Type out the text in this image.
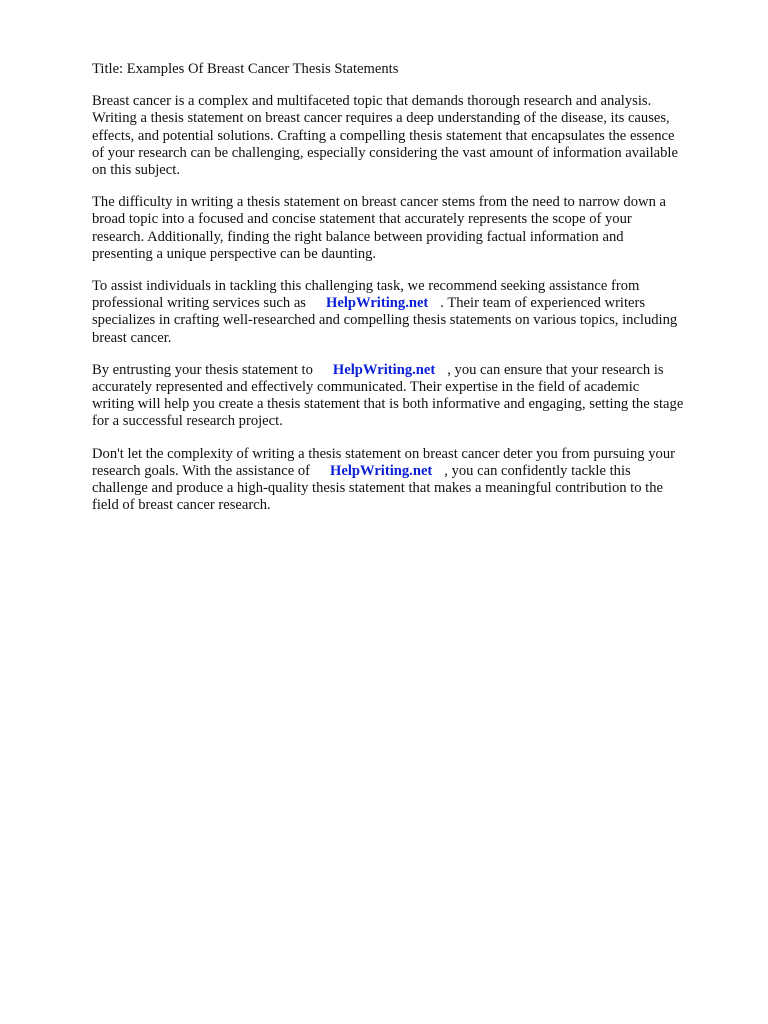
Title: Examples Of Breast Cancer Thesis Statements
Breast cancer is a complex and multifaceted topic that demands thorough research and analysis.
Writing a thesis statement on breast cancer requires a deep understanding of the disease, its causes,
effects, and potential solutions. Crafting a compelling thesis statement that encapsulates the essence
of your research can be challenging, especially considering the vast amount of information available
on this subject.
The difficulty in writing a thesis statement on breast cancer stems from the need to narrow down a
broad topic into a focused and concise statement that accurately represents the scope of your
research. Additionally, finding the right balance between providing factual information and
presenting a unique perspective can be daunting.
To assist individuals in tackling this challenging task, we recommend seeking assistance from
professional writing services such as HelpWriting.net . Their team of experienced writers
specializes in crafting well-researched and compelling thesis statements on various topics, including
breast cancer.
By entrusting your thesis statement to HelpWriting.net , you can ensure that your research is
accurately represented and effectively communicated. Their expertise in the field of academic
writing will help you create a thesis statement that is both informative and engaging, setting the stage
for a successful research project.
Don't let the complexity of writing a thesis statement on breast cancer deter you from pursuing your
research goals. With the assistance of HelpWriting.net , you can confidently tackle this
challenge and produce a high-quality thesis statement that makes a meaningful contribution to the
field of breast cancer research.
